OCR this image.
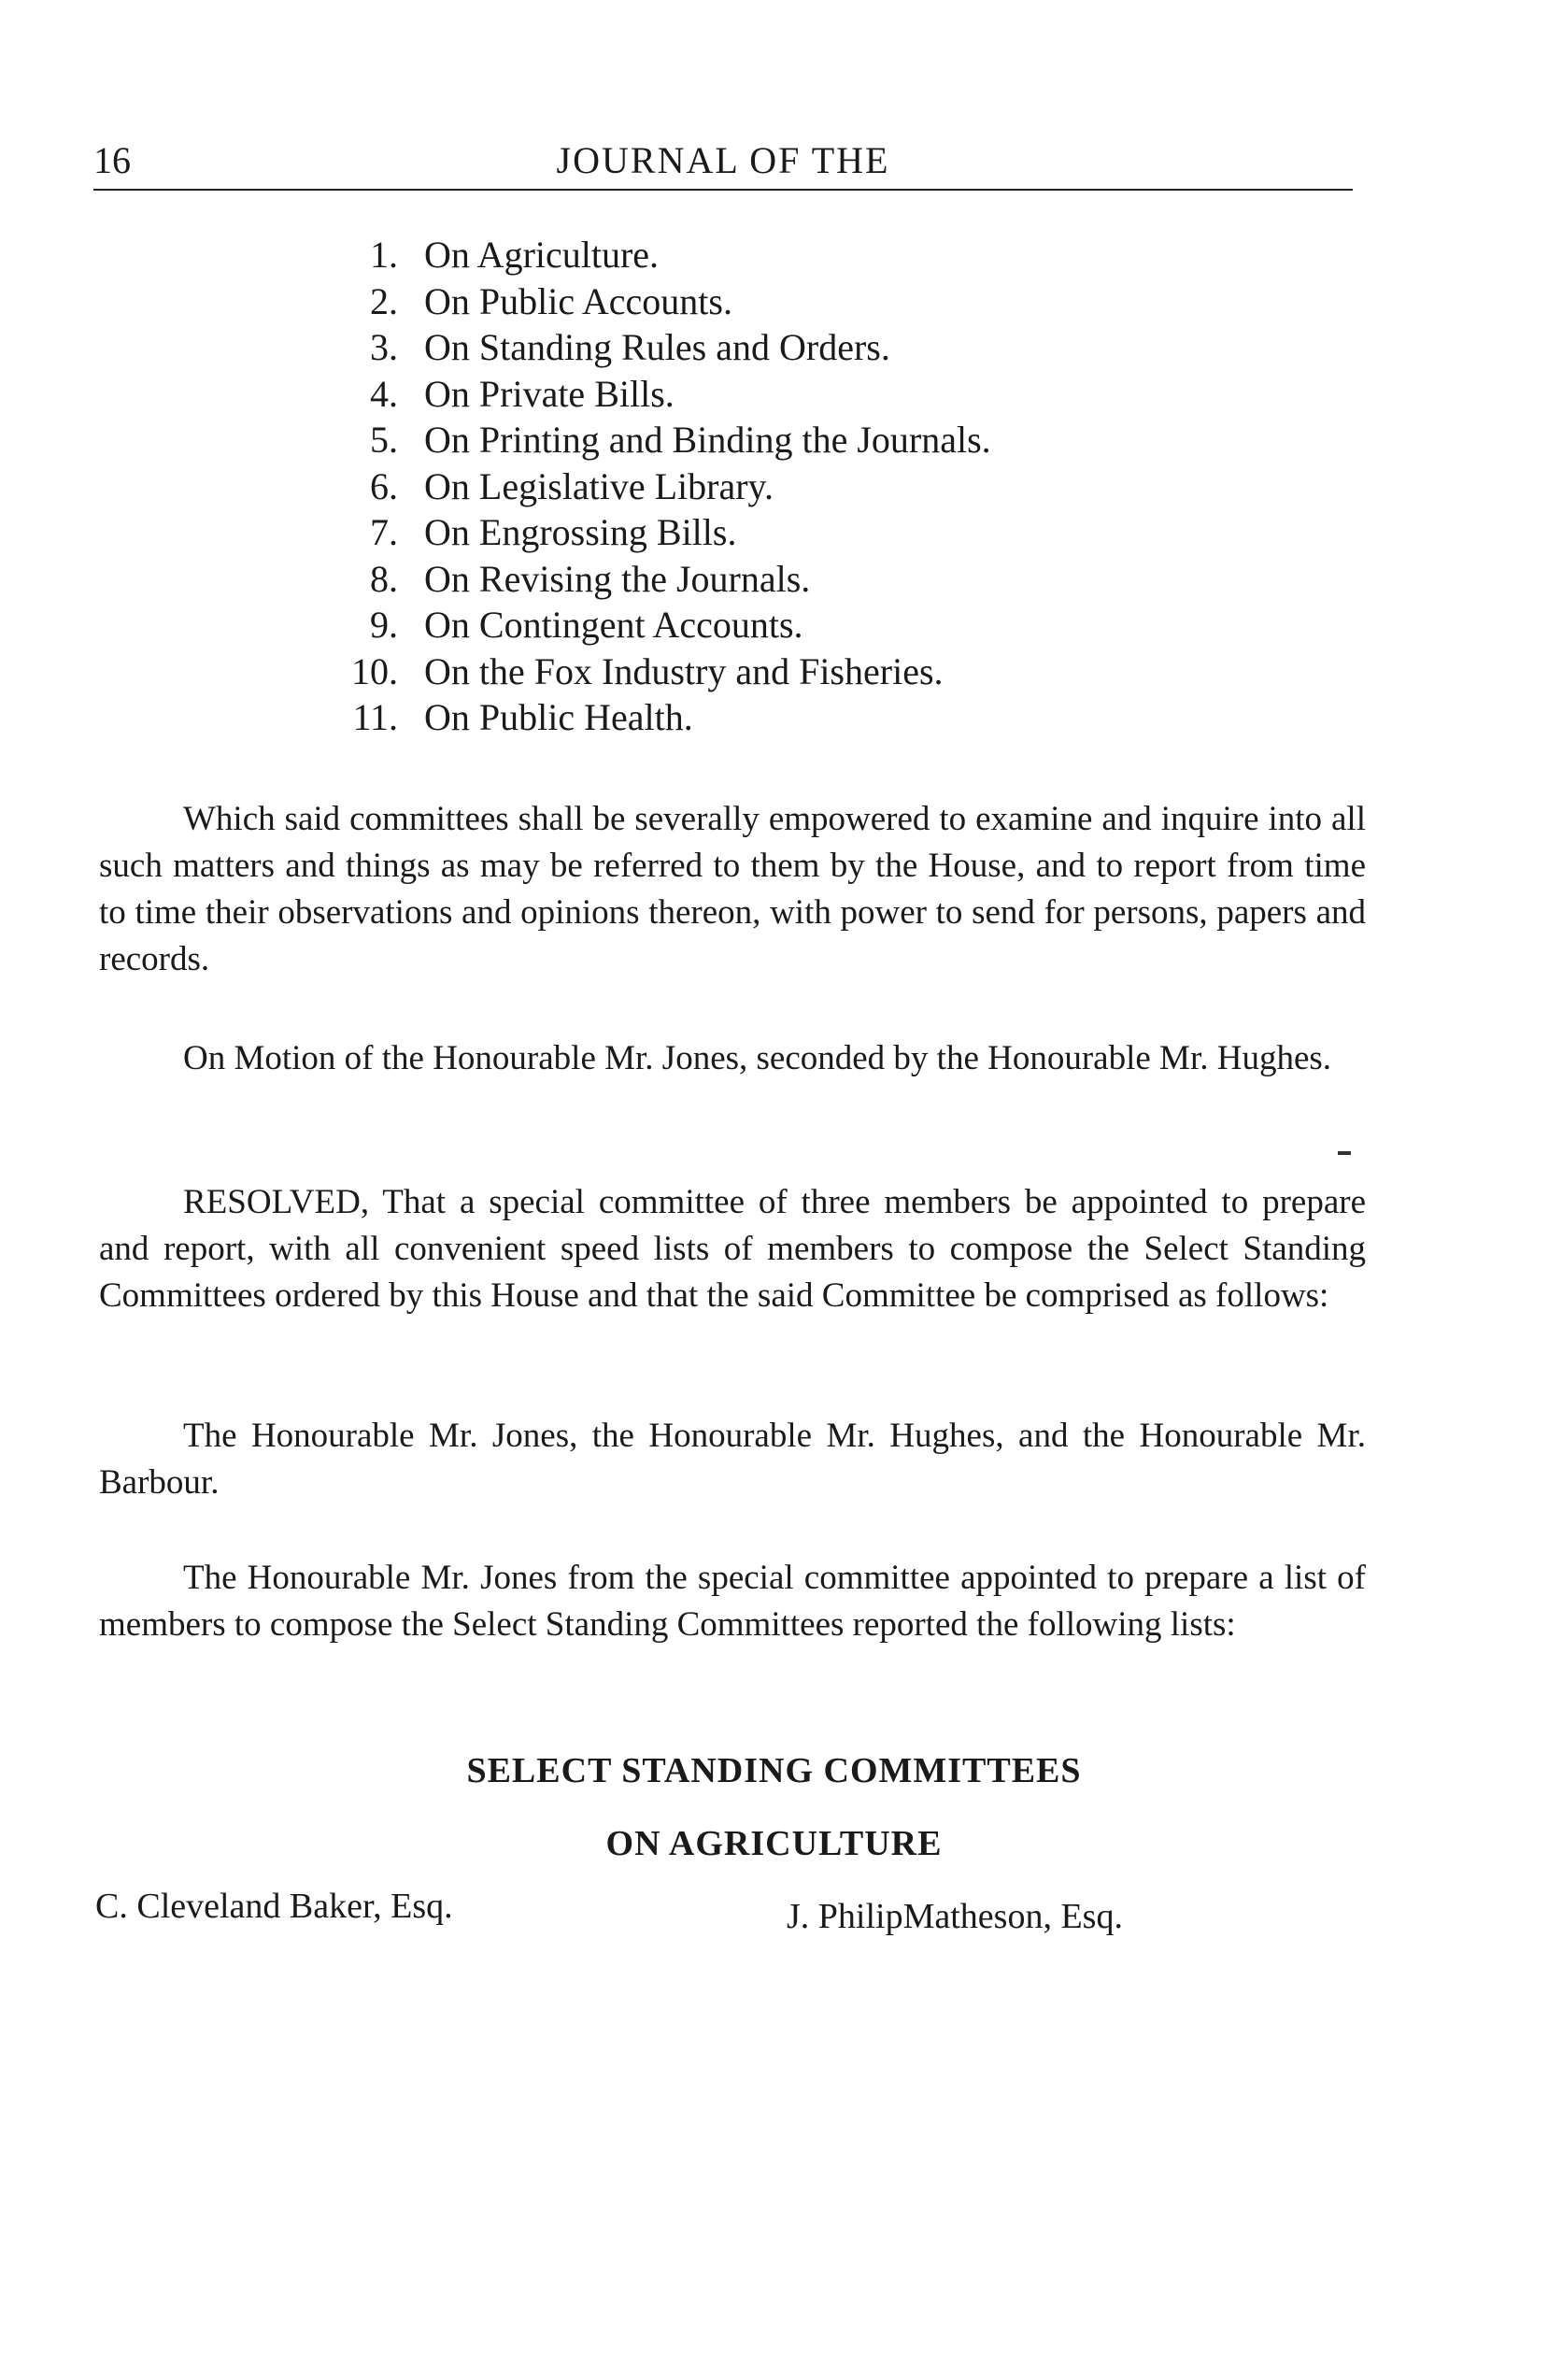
16	JOURNAL OF THE
1. On Agriculture.
2. On Public Accounts.
3. On Standing Rules and Orders.
4. On Private Bills.
5. On Printing and Binding the Journals.
6. On Legislative Library.
7. On Engrossing Bills.
8. On Revising the Journals.
9. On Contingent Accounts.
10. On the Fox Industry and Fisheries.
11. On Public Health.

Which said committees shall be severally empowered to examine and inquire into all such matters and things as may be referred to them by the House, and to report from time to time their observations and opinions thereon, with power to send for persons, papers and records.

On Motion of the Honourable Mr. Jones, seconded by the Honourable Mr. Hughes.

RESOLVED, That a special committee of three members be appointed to prepare and report, with all convenient speed lists of members to compose the Select Standing Committees ordered by this House and that the said Committee be comprised as follows:

The Honourable Mr. Jones, the Honourable Mr. Hughes, and the Honourable Mr. Barbour.

The Honourable Mr. Jones from the special committee appointed to prepare a list of members to compose the Select Standing Committees reported the following lists:

SELECT STANDING COMMITTEES
ON AGRICULTURE
C. Cleveland Baker, Esq.	J. PhilipMatheson, Esq.
